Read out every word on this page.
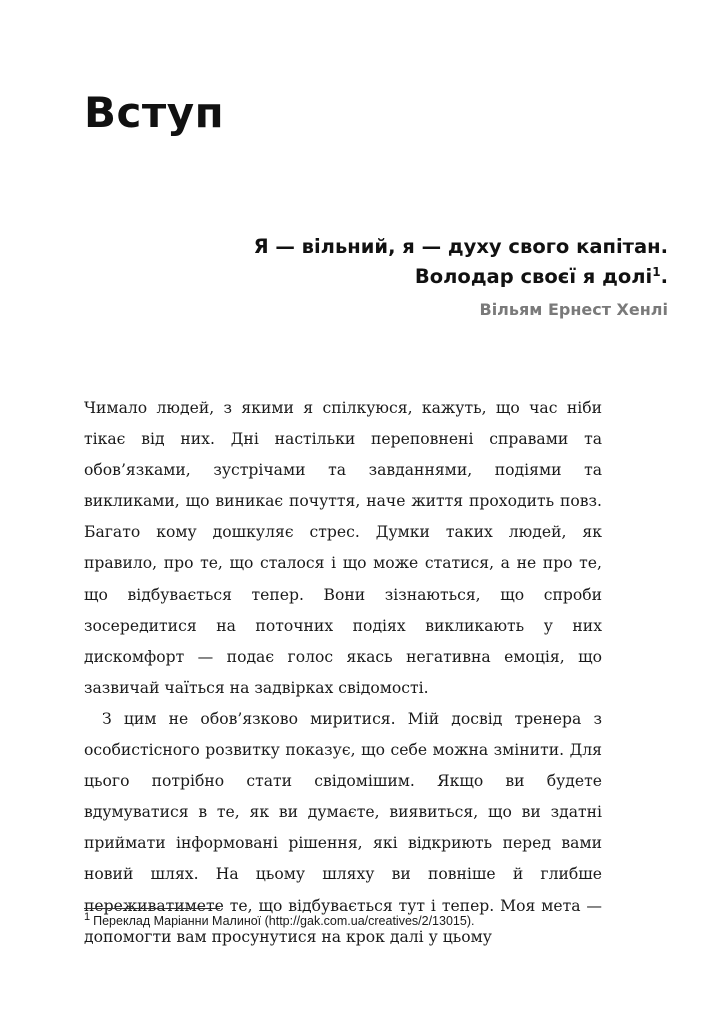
Вступ

Я — вільний, я — духу свого капітан.

Володар своєї я долі$^1$.

Вільям Ернест Хенлі

Чимало людей, з якими я спілкуюся, кажуть, що час ніби тікає від них. Дні настільки переповнені справами та обов’язками, зустрічами та завданнями, подіями та викликами, що виникає почуття, наче життя проходить повз. Багато кому дошкуляє стрес. Думки таких людей, як правило, про те, що сталося і що може статися, а не про те, що відбувається тепер. Вони зізнаються, що спроби зосередитися на поточних подіях викликають у них дискомфорт — подає голос якась негативна емоція, що зазвичай чаїться на задвірках свідомості.

З цим не обов’язково миритися. Мій досвід тренера з особистісного розвитку показує, що себе можна змінити. Для цього потрібно стати свідомішим. Якщо ви будете вдумуватися в те, як ви думаєте, виявиться, що ви здатні приймати інформовані рішення, які відкриють перед вами новий шлях. На цьому шляху ви повніше й глибше переживатимете те, що відбувається тут і тепер. Моя мета — допомогти вам просунутися на крок далі у цьому

1 Переклад Маріанни Малиної (http://gak.com.ua/creatives/2/13015).
